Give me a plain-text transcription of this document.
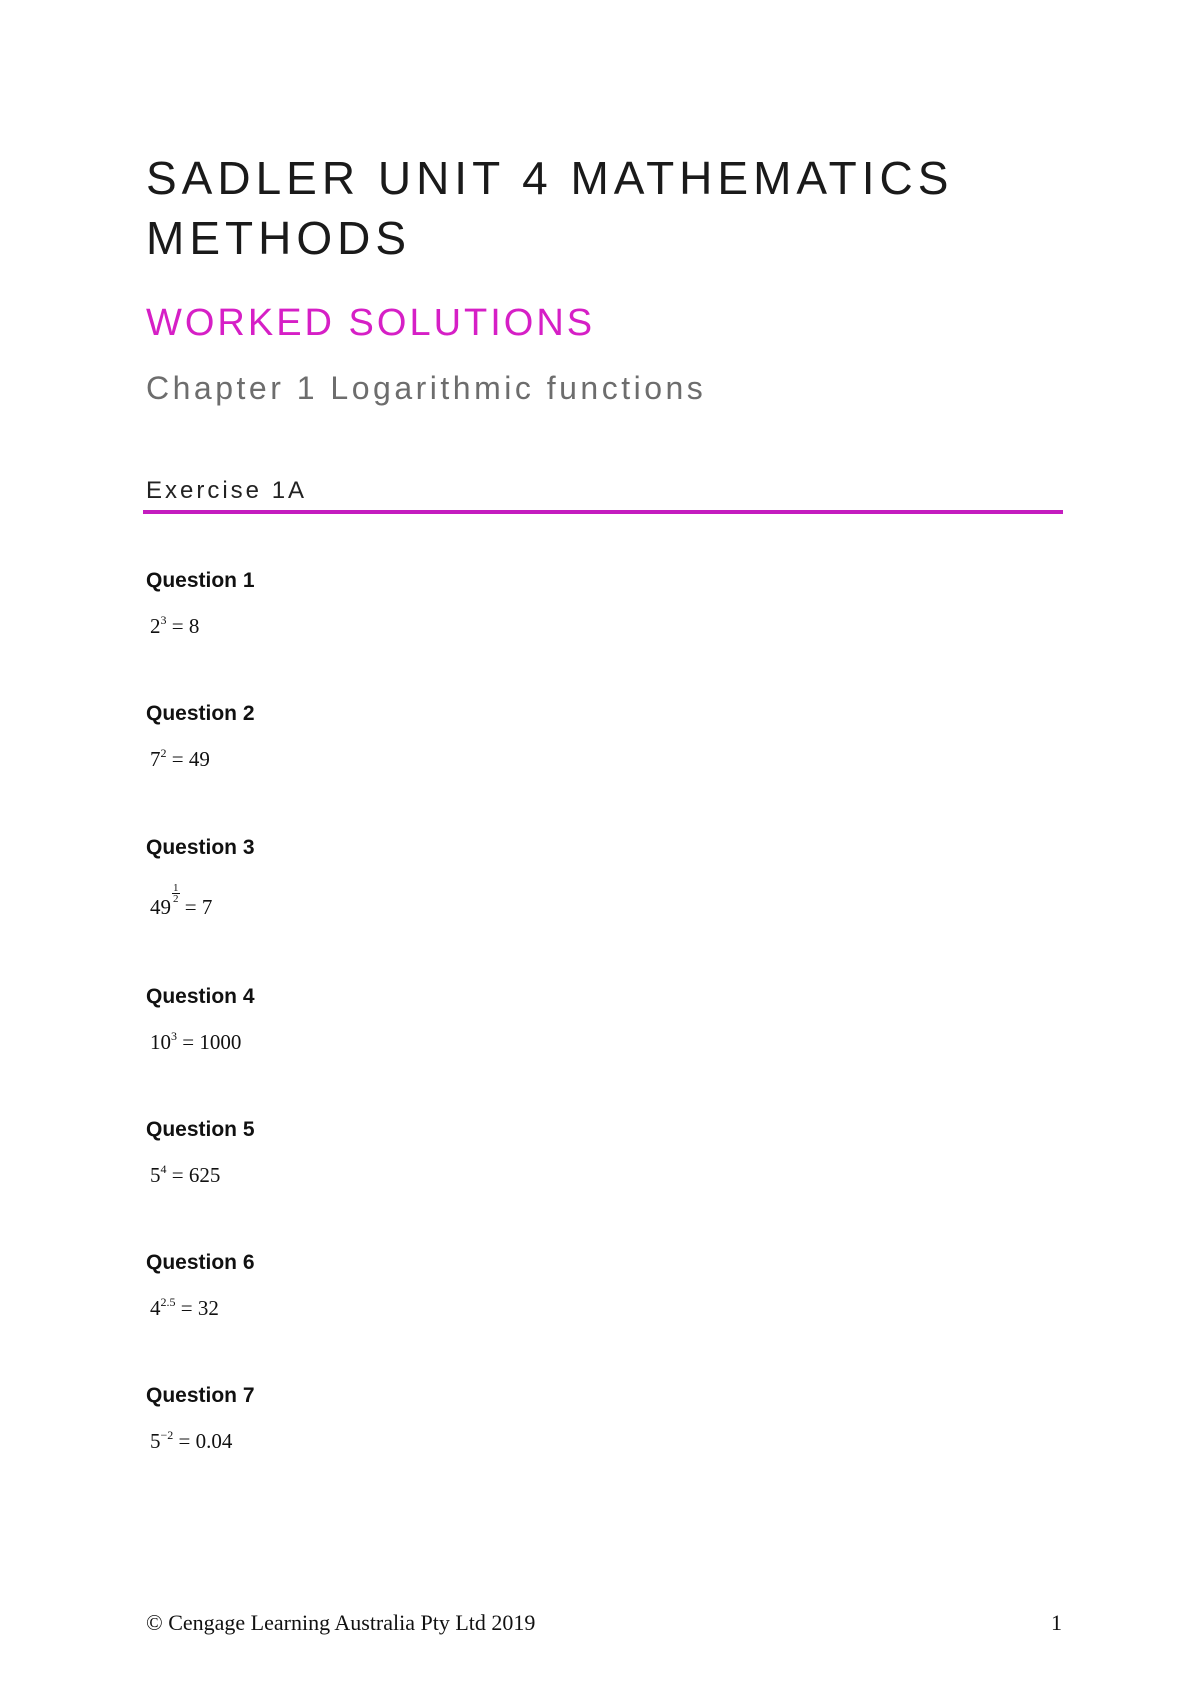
SADLER UNIT 4 MATHEMATICS METHODS
WORKED SOLUTIONS
Chapter 1 Logarithmic functions
Exercise 1A
Question 1
$2^3 = 8$
Question 2
$7^2 = 49$
Question 3
49
$\frac{1}{2}$
= 7
Question 4
$10^3 = 1000$
Question 5
$5^4 = 625$
Question 6
$4^{2.5} = 32$
Question 7
$5^{-2} = 0.04$
© Cengage Learning Australia Pty Ltd 2019	1
